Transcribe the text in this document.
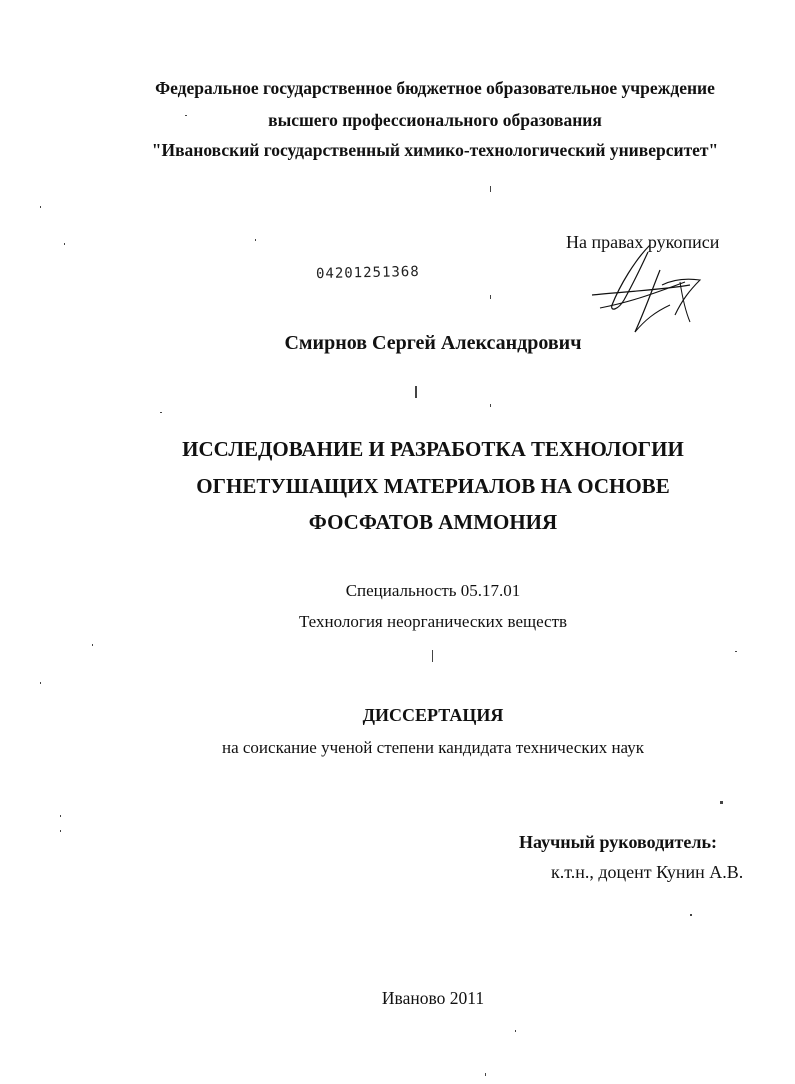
Федеральное государственное бюджетное образовательное учреждение
высшего профессионального образования
"Ивановский государственный химико-технологический университет"
На правах рукописи
04201251368
Смирнов Сергей Александрович
ИССЛЕДОВАНИЕ И РАЗРАБОТКА ТЕХНОЛОГИИ
ОГНЕТУШАЩИХ МАТЕРИАЛОВ НА ОСНОВЕ
ФОСФАТОВ АММОНИЯ
Специальность 05.17.01
Технология неорганических веществ
ДИССЕРТАЦИЯ
на соискание ученой степени кандидата технических наук
Научный руководитель:
к.т.н., доцент Кунин А.В.
Иваново 2011
